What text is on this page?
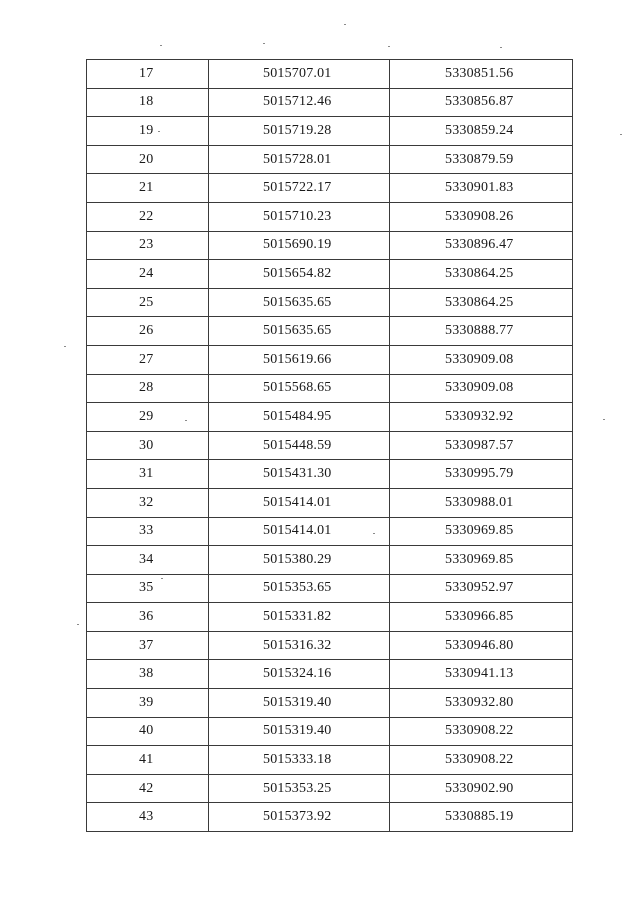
17	5015707.01	5330851.56
18	5015712.46	5330856.87
19	5015719.28	5330859.24
20	5015728.01	5330879.59
21	5015722.17	5330901.83
22	5015710.23	5330908.26
23	5015690.19	5330896.47
24	5015654.82	5330864.25
25	5015635.65	5330864.25
26	5015635.65	5330888.77
27	5015619.66	5330909.08
28	5015568.65	5330909.08
29	5015484.95	5330932.92
30	5015448.59	5330987.57
31	5015431.30	5330995.79
32	5015414.01	5330988.01
33	5015414.01	5330969.85
34	5015380.29	5330969.85
35	5015353.65	5330952.97
36	5015331.82	5330966.85
37	5015316.32	5330946.80
38	5015324.16	5330941.13
39	5015319.40	5330932.80
40	5015319.40	5330908.22
41	5015333.18	5330908.22
42	5015353.25	5330902.90
43	5015373.92	5330885.19
